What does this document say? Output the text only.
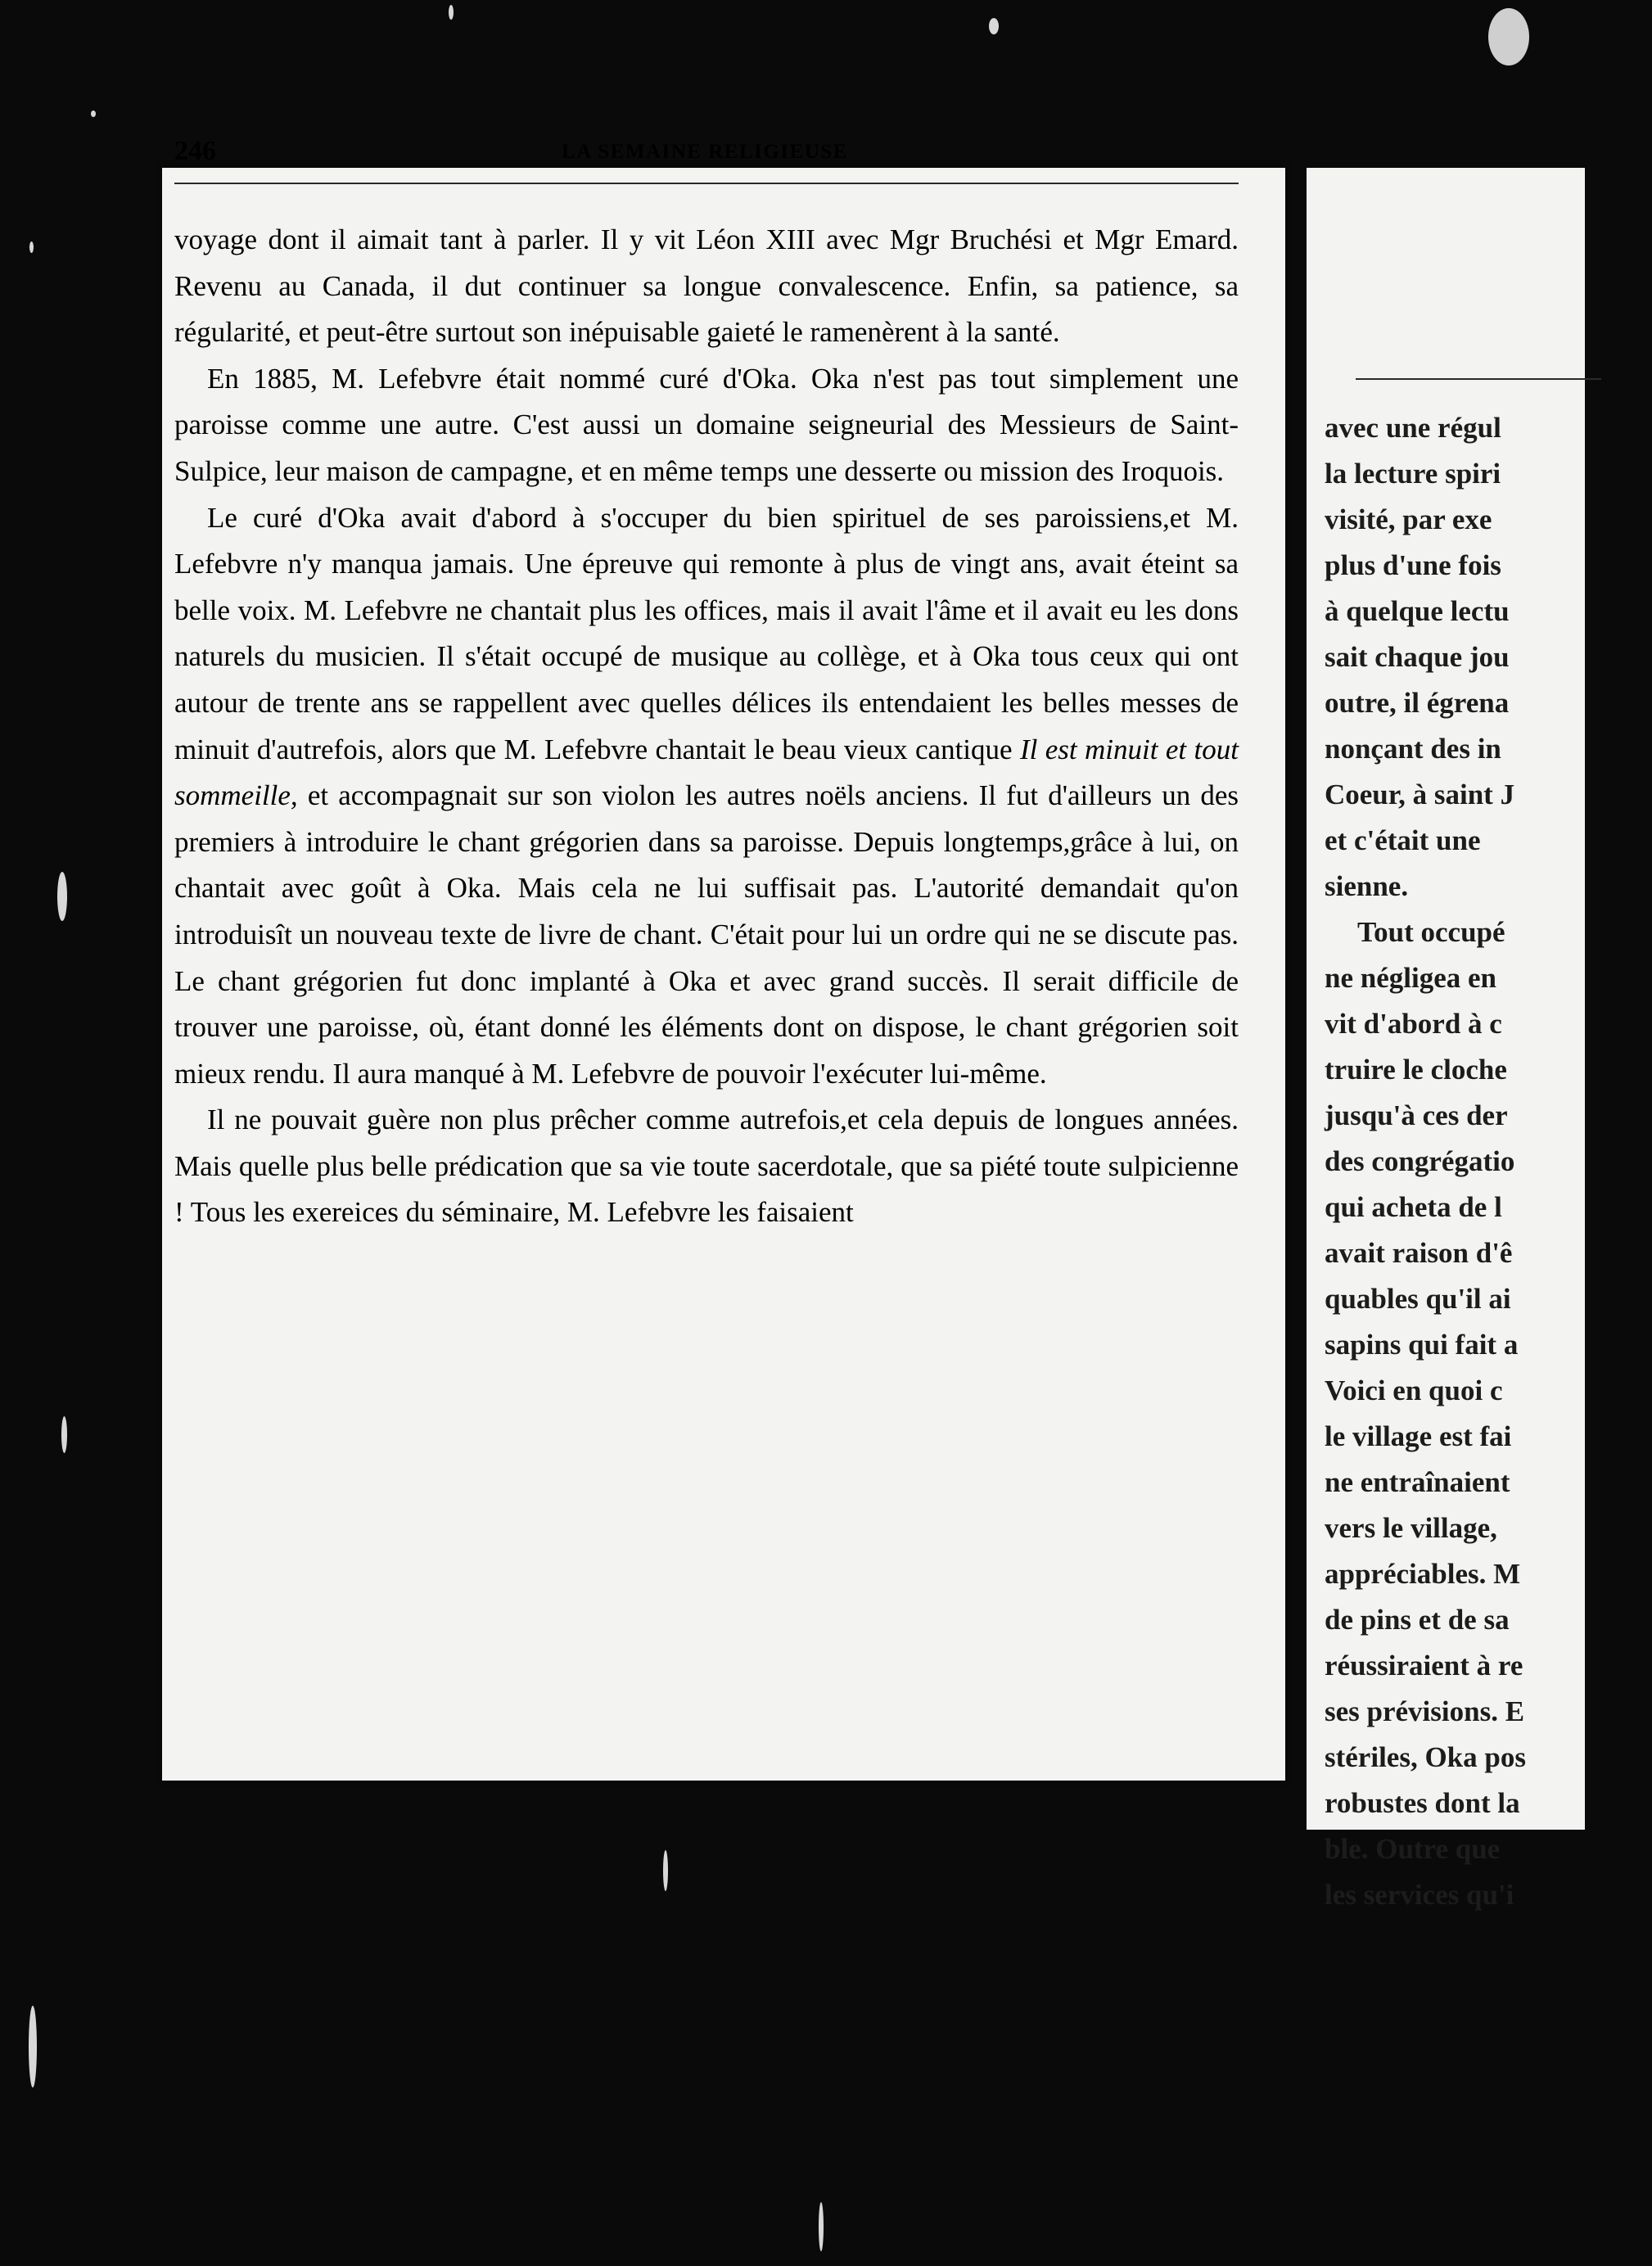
246	LA SEMAINE RELIGIEUSE

voyage dont il aimait tant à parler. Il y vit Léon XIII avec Mgr Bruchési et Mgr Emard. Revenu au Canada, il dut continuer sa longue convalescence. Enfin, sa patience, sa régularité, et peut-être surtout son inépuisable gaieté le ramenèrent à la santé.

En 1885, M. Lefebvre était nommé curé d'Oka. Oka n'est pas tout simplement une paroisse comme une autre. C'est aussi un domaine seigneurial des Messieurs de Saint-Sulpice, leur maison de campagne, et en même temps une desserte ou mission des Iroquois.

Le curé d'Oka avait d'abord à s'occuper du bien spirituel de ses paroissiens,et M. Lefebvre n'y manqua jamais. Une épreuve qui remonte à plus de vingt ans, avait éteint sa belle voix. M. Lefebvre ne chantait plus les offices, mais il avait l'âme et il avait eu les dons naturels du musicien. Il s'était occupé de musique au collège, et à Oka tous ceux qui ont autour de trente ans se rappellent avec quelles délices ils entendaient les belles messes de minuit d'autrefois, alors que M. Lefebvre chantait le beau vieux cantique Il est minuit et tout sommeille, et accompagnait sur son violon les autres noëls anciens. Il fut d'ailleurs un des premiers à introduire le chant grégorien dans sa paroisse. Depuis longtemps,grâce à lui, on chantait avec goût à Oka. Mais cela ne lui suffisait pas. L'autorité demandait qu'on introduisît un nouveau texte de livre de chant. C'était pour lui un ordre qui ne se discute pas. Le chant grégorien fut donc implanté à Oka et avec grand succès. Il serait difficile de trouver une paroisse, où, étant donné les éléments dont on dispose, le chant grégorien soit mieux rendu. Il aura manqué à M. Lefebvre de pouvoir l'exécuter lui-même.

Il ne pouvait guère non plus prêcher comme autrefois,et cela depuis de longues années. Mais quelle plus belle prédication que sa vie toute sacerdotale, que sa piété toute sulpicienne ! Tous les exereices du séminaire, M. Lefebvre les faisaient

avec une régul
la lecture spiri
visité, par exe
plus d'une fois
à quelque lectu
sait chaque jou
outre, il égrena
nonçant des in
Coeur, à saint J
et c'était une
sienne.
Tout occupé
ne négligea en
vit d'abord à c
truire le cloche
jusqu'à ces der
des congrégatio
qui acheta de l
avait raison d'ê
quables qu'il ai
sapins qui fait a
Voici en quoi c
le village est fai
ne entraînaient
vers le village,
appréciables. M
de pins et de sa
réussiraient à re
ses prévisions. E
stériles, Oka pos
robustes dont la
ble. Outre que
les services qu'i
